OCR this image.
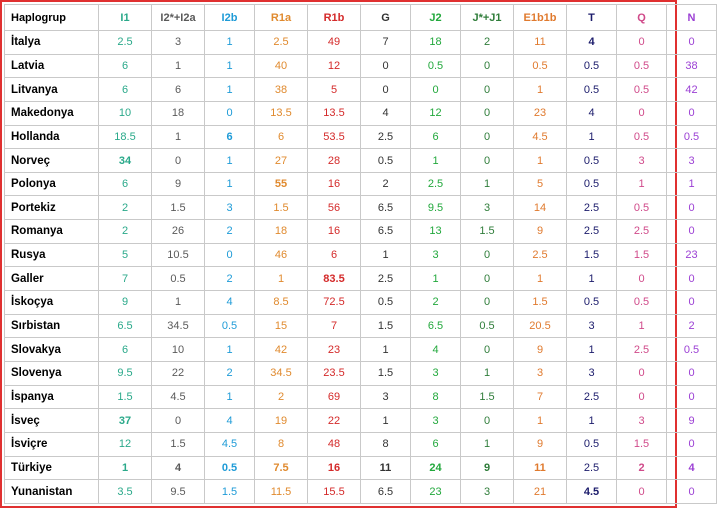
Haplogrup	I1	I2*+I2a	I2b	R1a	R1b	G	J2	J*+J1	E1b1b	T	Q	N
İtalya	2.5	3	1	2.5	49	7	18	2	11	4	0	0
Latvia	6	1	1	40	12	0	0.5	0	0.5	0.5	0.5	38
Litvanya	6	6	1	38	5	0	0	0	1	0.5	0.5	42
Makedonya	10	18	0	13.5	13.5	4	12	0	23	4	0	0
Hollanda	18.5	1	6	6	53.5	2.5	6	0	4.5	1	0.5	0.5
Norveç	34	0	1	27	28	0.5	1	0	1	0.5	3	3
Polonya	6	9	1	55	16	2	2.5	1	5	0.5	1	1
Portekiz	2	1.5	3	1.5	56	6.5	9.5	3	14	2.5	0.5	0
Romanya	2	26	2	18	16	6.5	13	1.5	9	2.5	2.5	0
Rusya	5	10.5	0	46	6	1	3	0	2.5	1.5	1.5	23
Galler	7	0.5	2	1	83.5	2.5	1	0	1	1	0	0
İskoçya	9	1	4	8.5	72.5	0.5	2	0	1.5	0.5	0.5	0
Sırbistan	6.5	34.5	0.5	15	7	1.5	6.5	0.5	20.5	3	1	2
Slovakya	6	10	1	42	23	1	4	0	9	1	2.5	0.5
Slovenya	9.5	22	2	34.5	23.5	1.5	3	1	3	3	0	0
İspanya	1.5	4.5	1	2	69	3	8	1.5	7	2.5	0	0
İsveç	37	0	4	19	22	1	3	0	1	1	3	9
İsviçre	12	1.5	4.5	8	48	8	6	1	9	0.5	1.5	0
Türkiye	1	4	0.5	7.5	16	11	24	9	11	2.5	2	4
Yunanistan	3.5	9.5	1.5	11.5	15.5	6.5	23	3	21	4.5	0	0
